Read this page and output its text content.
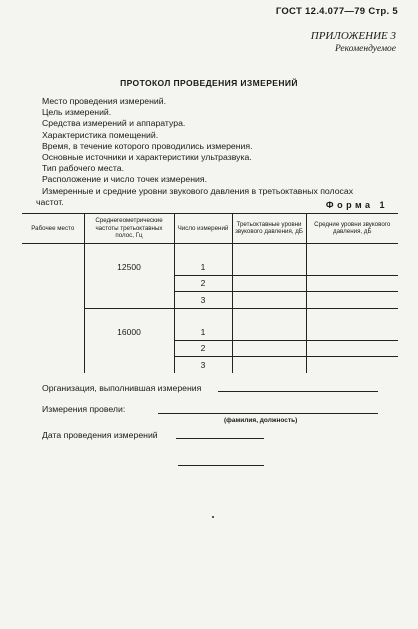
ГОСТ 12.4.077—79 Стр. 5
ПРИЛОЖЕНИЕ 3
Рекомендуемое
ПРОТОКОЛ ПРОВЕДЕНИЯ ИЗМЕРЕНИЙ
Место проведения измерений.
Цель измерений.
Средства измерений и аппаратура.
Характеристика помещений.
Время, в течение которого проводились измерения.
Основные источники и характеристики ультразвука.
Тип рабочего места.
Расположение и число точек измерения.
Измеренные и средние уровни звукового давления в третьоктавных полосах
частот.	Форма 1
Рабочее место	Среднегеометрические частоты третьоктавных полос, Гц	Число измерений	Третьоктавные уровни звукового давления, дБ	Средние уровни звукового давления, дБ

	12500	1		
		2		
		3		

	16000	1		
		2		
		3		
Организация, выполнившая измерения
Измерения провели:
(фамилия, должность)
Дата проведения измерений
